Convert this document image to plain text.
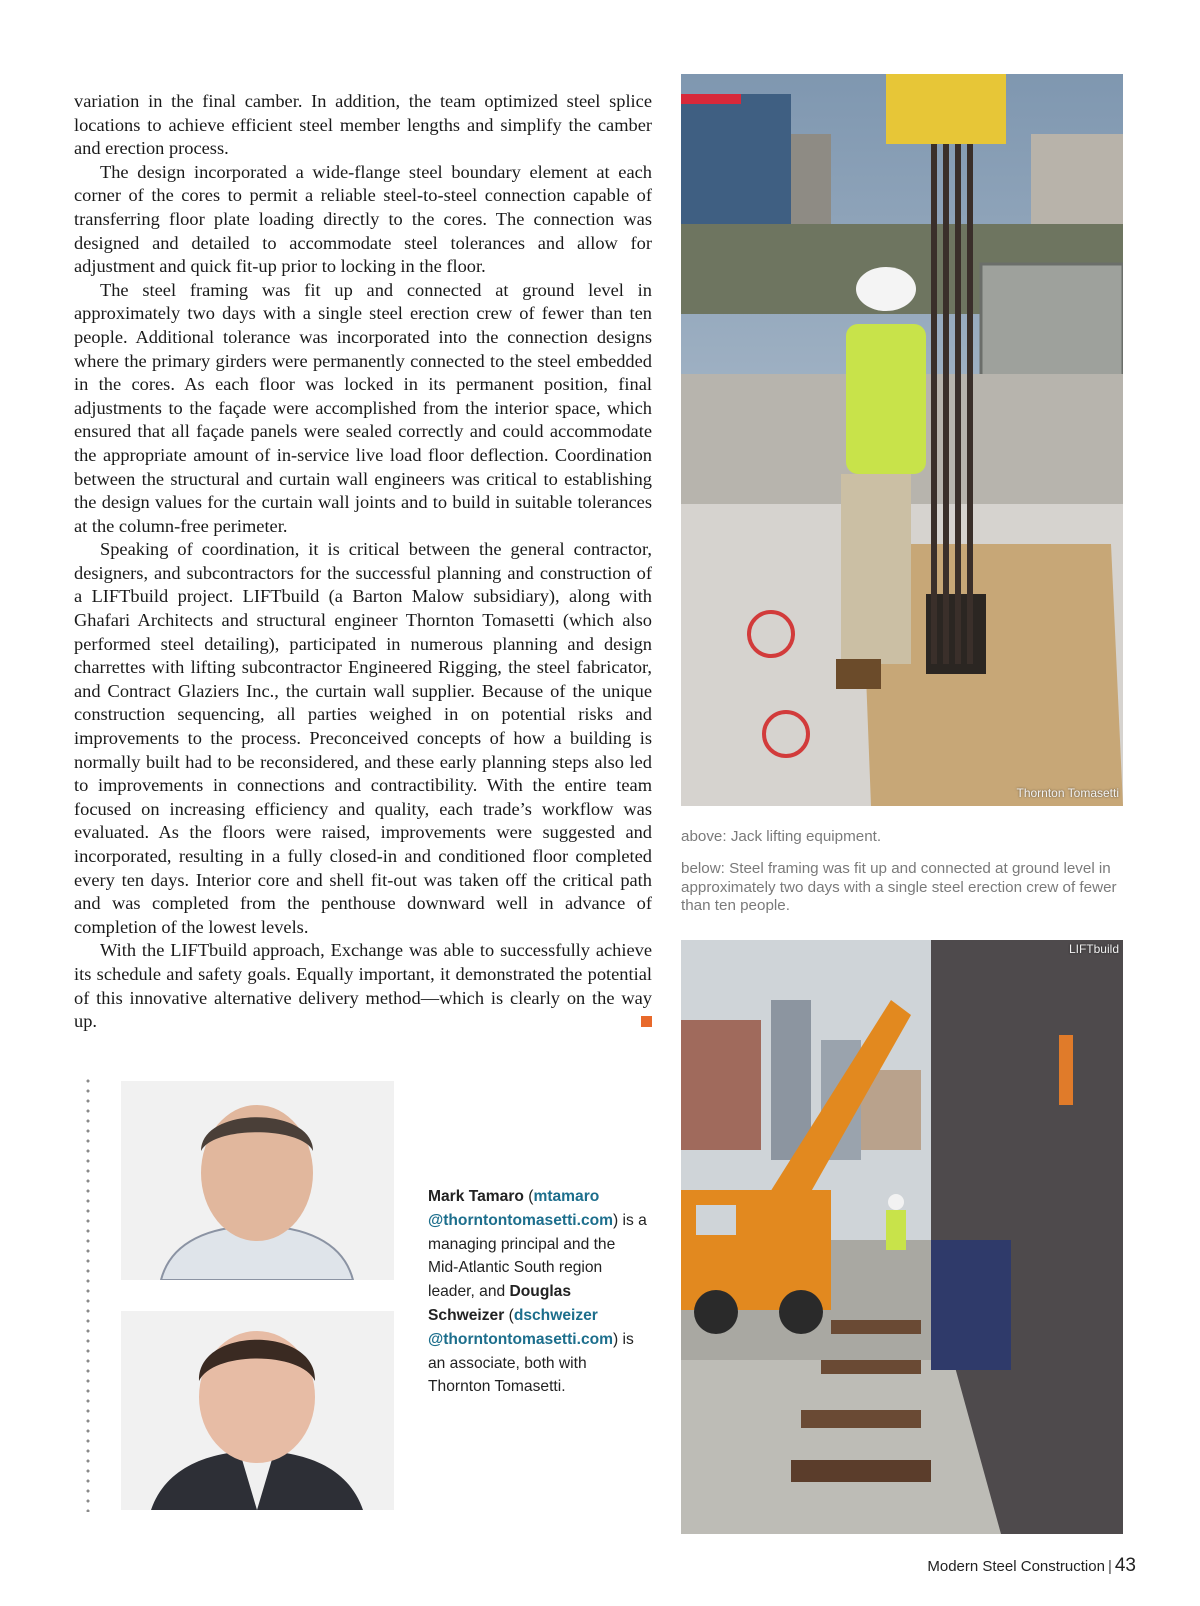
variation in the final camber. In addition, the team optimized steel splice locations to achieve efficient steel member lengths and simplify the camber and erection process.

The design incorporated a wide-flange steel boundary element at each corner of the cores to permit a reliable steel-to-steel connection capable of transferring floor plate loading directly to the cores. The connection was designed and detailed to accommodate steel tolerances and allow for adjustment and quick fit-up prior to locking in the floor.

The steel framing was fit up and connected at ground level in approximately two days with a single steel erection crew of fewer than ten people. Additional tolerance was incorporated into the connection designs where the primary girders were permanently connected to the steel embedded in the cores. As each floor was locked in its permanent position, final adjustments to the façade were accomplished from the interior space, which ensured that all façade panels were sealed correctly and could accommodate the appropriate amount of in-service live load floor deflection. Coordination between the structural and curtain wall engineers was critical to establishing the design values for the curtain wall joints and to build in suitable tolerances at the column-free perimeter.

Speaking of coordination, it is critical between the general contractor, designers, and subcontractors for the successful planning and construction of a LIFTbuild project. LIFTbuild (a Barton Malow subsidiary), along with Ghafari Architects and structural engineer Thornton Tomasetti (which also performed steel detailing), participated in numerous planning and design charrettes with lifting subcontractor Engineered Rigging, the steel fabricator, and Contract Glaziers Inc., the curtain wall supplier. Because of the unique construction sequencing, all parties weighed in on potential risks and improvements to the process. Preconceived concepts of how a building is normally built had to be reconsidered, and these early planning steps also led to improvements in connections and contractibility. With the entire team focused on increasing efficiency and quality, each trade’s workflow was evaluated. As the floors were raised, improvements were suggested and incorporated, resulting in a fully closed-in and conditioned floor completed every ten days. Interior core and shell fit-out was taken off the critical path and was completed from the penthouse downward well in advance of completion of the lowest levels.

With the LIFTbuild approach, Exchange was able to successfully achieve its schedule and safety goals. Equally important, it demonstrated the potential of this innovative alternative delivery method—which is clearly on the way up.

Thornton Tomasetti
above: Jack lifting equipment.
below: Steel framing was fit up and connected at ground level in approximately two days with a single steel erection crew of fewer than ten people.
LIFTbuild
Mark Tamaro (mtamaro
@thorntontomasetti.com) is a managing principal and the Mid-Atlantic South region leader, and Douglas Schweizer (dschweizer
@thorntontomasetti.com) is an associate, both with Thornton Tomasetti.
Modern Steel Construction | 43
